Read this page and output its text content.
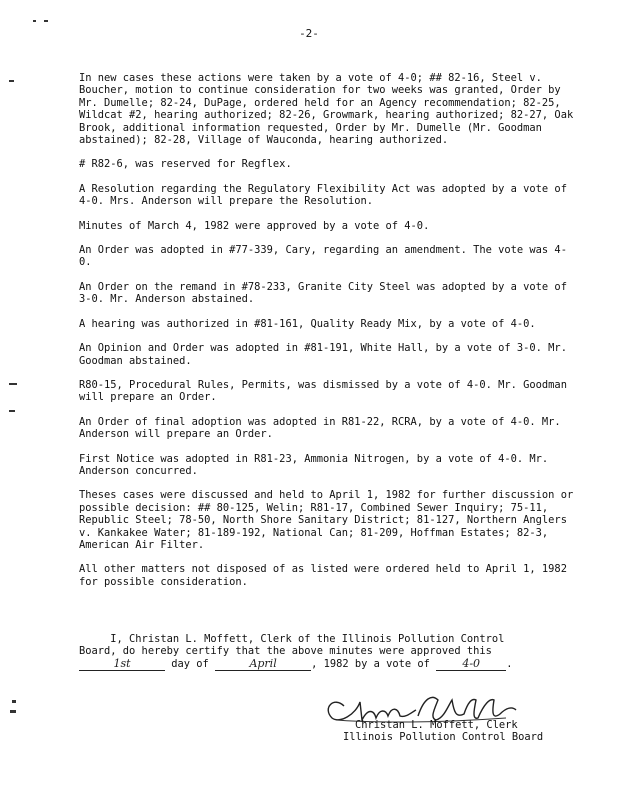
-2-

In new cases these actions were taken by a vote of 4-0; ## 82-16, Steel v. Boucher, motion to continue consideration for two weeks was granted, Order by Mr. Dumelle; 82-24, DuPage, ordered held for an Agency recommendation; 82-25, Wildcat #2, hearing authorized; 82-26, Growmark, hearing authorized; 82-27, Oak Brook, additional information requested, Order by Mr. Dumelle (Mr. Goodman abstained); 82-28, Village of Wauconda, hearing authorized.

# R82-6, was reserved for Regflex.

A Resolution regarding the Regulatory Flexibility Act was adopted by a vote of 4-0. Mrs. Anderson will prepare the Resolution.

Minutes of March 4, 1982 were approved by a vote of 4-0.

An Order was adopted in #77-339, Cary, regarding an amendment. The vote was 4-0.

An Order on the remand in #78-233, Granite City Steel was adopted by a vote of 3-0. Mr. Anderson abstained.

A hearing was authorized in #81-161, Quality Ready Mix, by a vote of 4-0.

An Opinion and Order was adopted in #81-191, White Hall, by a vote of 3-0. Mr. Goodman abstained.

R80-15, Procedural Rules, Permits, was dismissed by a vote of 4-0. Mr. Goodman will prepare an Order.

An Order of final adoption was adopted in R81-22, RCRA, by a vote of 4-0. Mr. Anderson will prepare an Order.

First Notice was adopted in R81-23, Ammonia Nitrogen, by a vote of 4-0. Mr. Anderson concurred.

Theses cases were discussed and held to April 1, 1982 for further discussion or possible decision: ## 80-125, Welin; R81-17, Combined Sewer Inquiry; 75-11, Republic Steel; 78-50, North Shore Sanitary District; 81-127, Northern Anglers v. Kankakee Water; 81-189-192, National Can; 81-209, Hoffman Estates; 82-3, American Air Filter.

All other matters not disposed of as listed were ordered held to April 1, 1982 for possible consideration.

I, Christan L. Moffett, Clerk of the Illinois Pollution Control
Board, do hereby certify that the above minutes were approved this
1st	day of	April	, 1982 by a vote of	4-0	.
Christan L. Moffett, Clerk
Illinois Pollution Control Board
